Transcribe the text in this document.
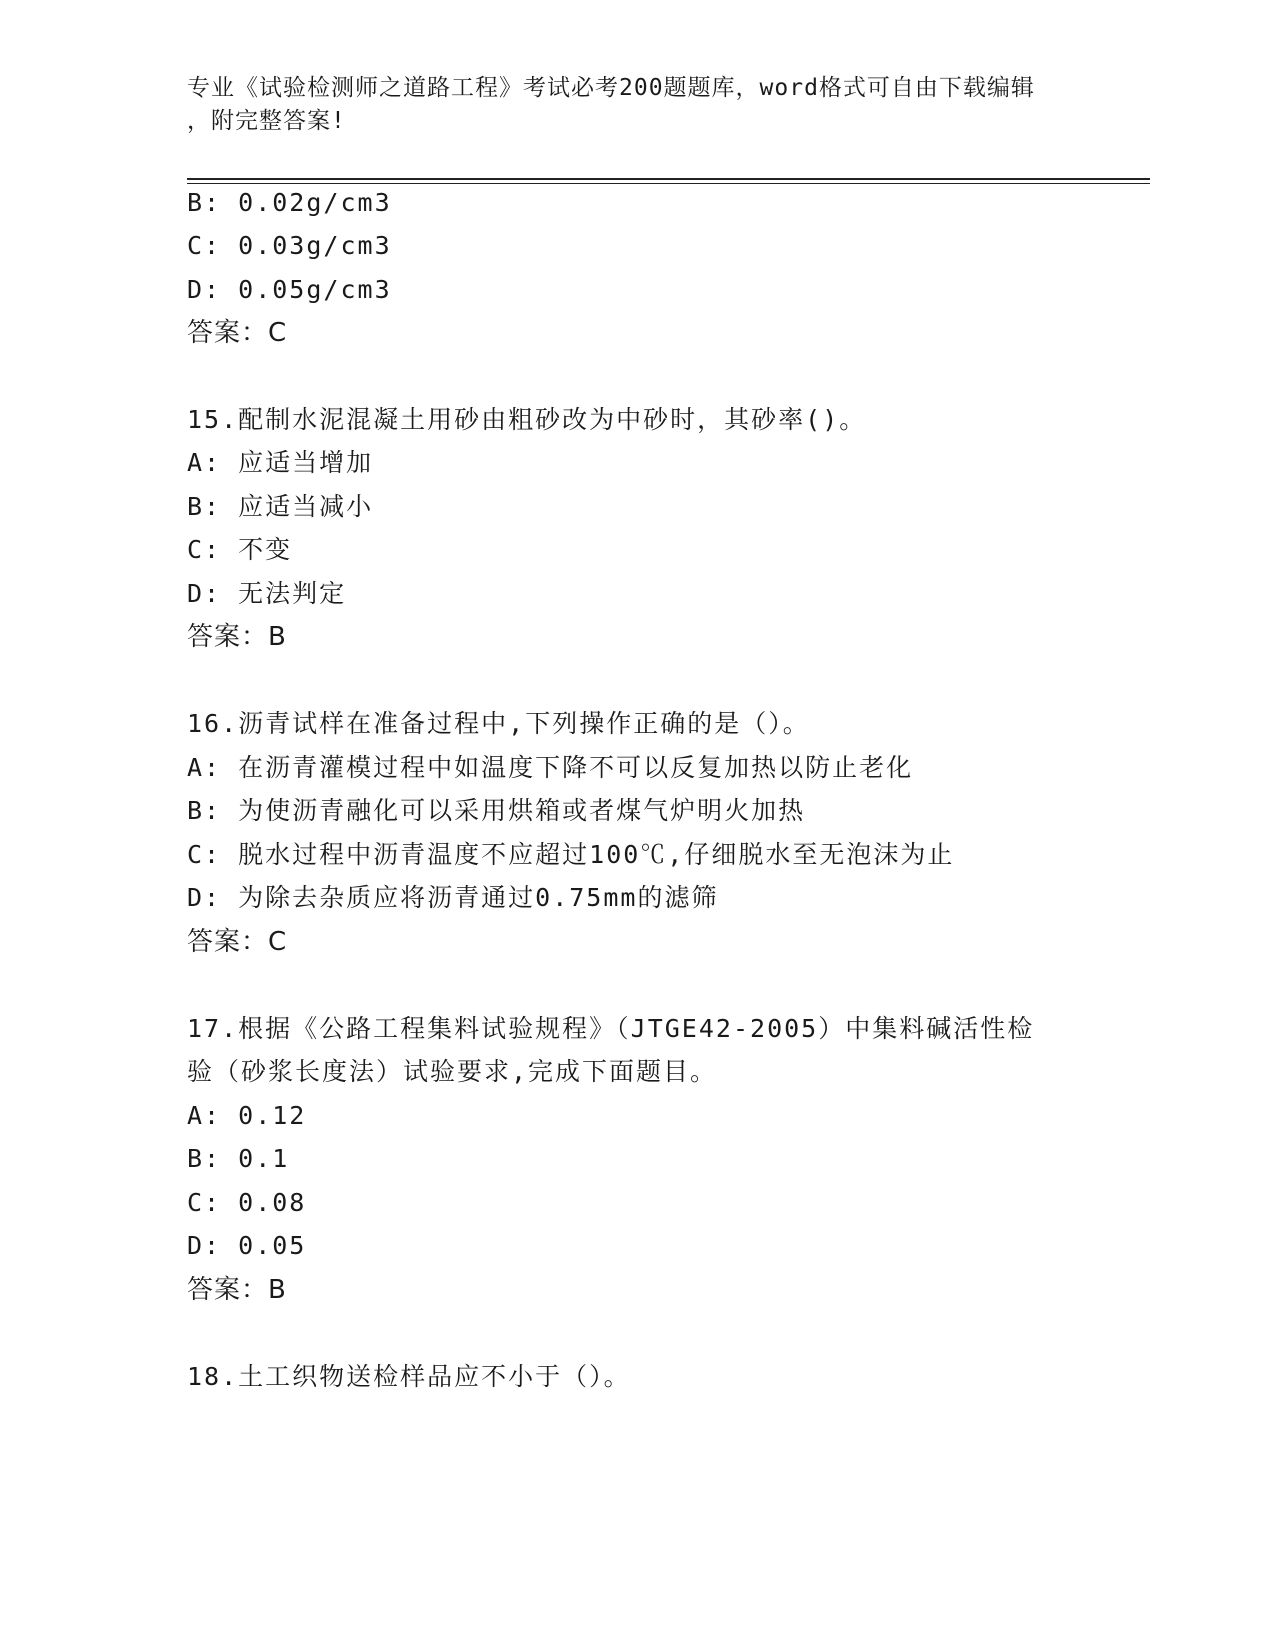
专业《试验检测师之道路工程》考试必考200题题库，word格式可自由下载编辑
，附完整答案!
B: 0.02g/cm3
C: 0.03g/cm3
D: 0.05g/cm3
答案：C
15.配制水泥混凝土用砂由粗砂改为中砂时，其砂率()。
A: 应适当增加
B: 应适当减小
C: 不变
D: 无法判定
答案：B
16.沥青试样在准备过程中,下列操作正确的是（）。
A: 在沥青灌模过程中如温度下降不可以反复加热以防止老化
B: 为使沥青融化可以采用烘箱或者煤气炉明火加热
C: 脱水过程中沥青温度不应超过100℃,仔细脱水至无泡沫为止
D: 为除去杂质应将沥青通过0.75mm的滤筛
答案：C
17.根据《公路工程集料试验规程》（JTGE42-2005）中集料碱活性检
验（砂浆长度法）试验要求,完成下面题目。
A: 0.12
B: 0.1
C: 0.08
D: 0.05
答案：B
18.土工织物送检样品应不小于（）。
